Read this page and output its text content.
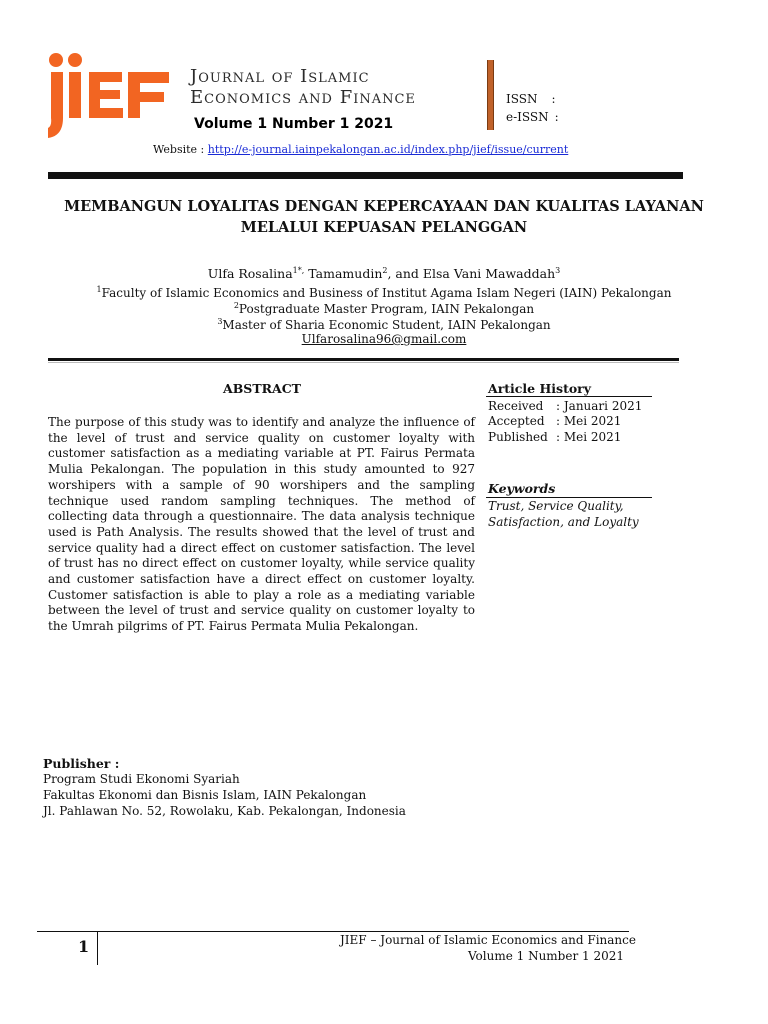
Journal of Islamic
Economics and Finance
Volume 1 Number 1 2021
ISSN :
e-ISSN :
Website : http://e-journal.iainpekalongan.ac.id/index.php/jief/issue/current
MEMBANGUN LOYALITAS DENGAN KEPERCAYAAN DAN KUALITAS LAYANAN
MELALUI KEPUASAN PELANGGAN
Ulfa Rosalina$^{1*,}$ Tamamudin$^2$, and Elsa Vani Mawaddah$^3$
$^1$Faculty of Islamic Economics and Business of Institut Agama Islam Negeri (IAIN) Pekalongan
$^2$Postgraduate Master Program, IAIN Pekalongan
$^3$Master of Sharia Economic Student, IAIN Pekalongan
Ulfarosalina96@gmail.com
ABSTRACT
The purpose of this study was to identify and analyze the influence of the level of trust and service quality on customer loyalty with customer satisfaction as a mediating variable at PT. Fairus Permata Mulia Pekalongan. The population in this study amounted to 927 worshipers with a sample of 90 worshipers and the sampling technique used random sampling techniques. The method of collecting data through a questionnaire. The data analysis technique used is Path Analysis. The results showed that the level of trust and service quality had a direct effect on customer satisfaction. The level of trust has no direct effect on customer loyalty, while service quality and customer satisfaction have a direct effect on customer loyalty. Customer satisfaction is able to play a role as a mediating variable between the level of trust and service quality on customer loyalty to the Umrah pilgrims of PT. Fairus Permata Mulia Pekalongan.
Article History
Received : Januari 2021
Accepted : Mei 2021
Published : Mei 2021
Keywords
Trust, Service Quality, Satisfaction, and Loyalty
Publisher :
Program Studi Ekonomi Syariah
Fakultas Ekonomi dan Bisnis Islam, IAIN Pekalongan
Jl. Pahlawan No. 52, Rowolaku, Kab. Pekalongan, Indonesia
1	JIEF – Journal of Islamic Economics and Finance
Volume 1 Number 1 2021
